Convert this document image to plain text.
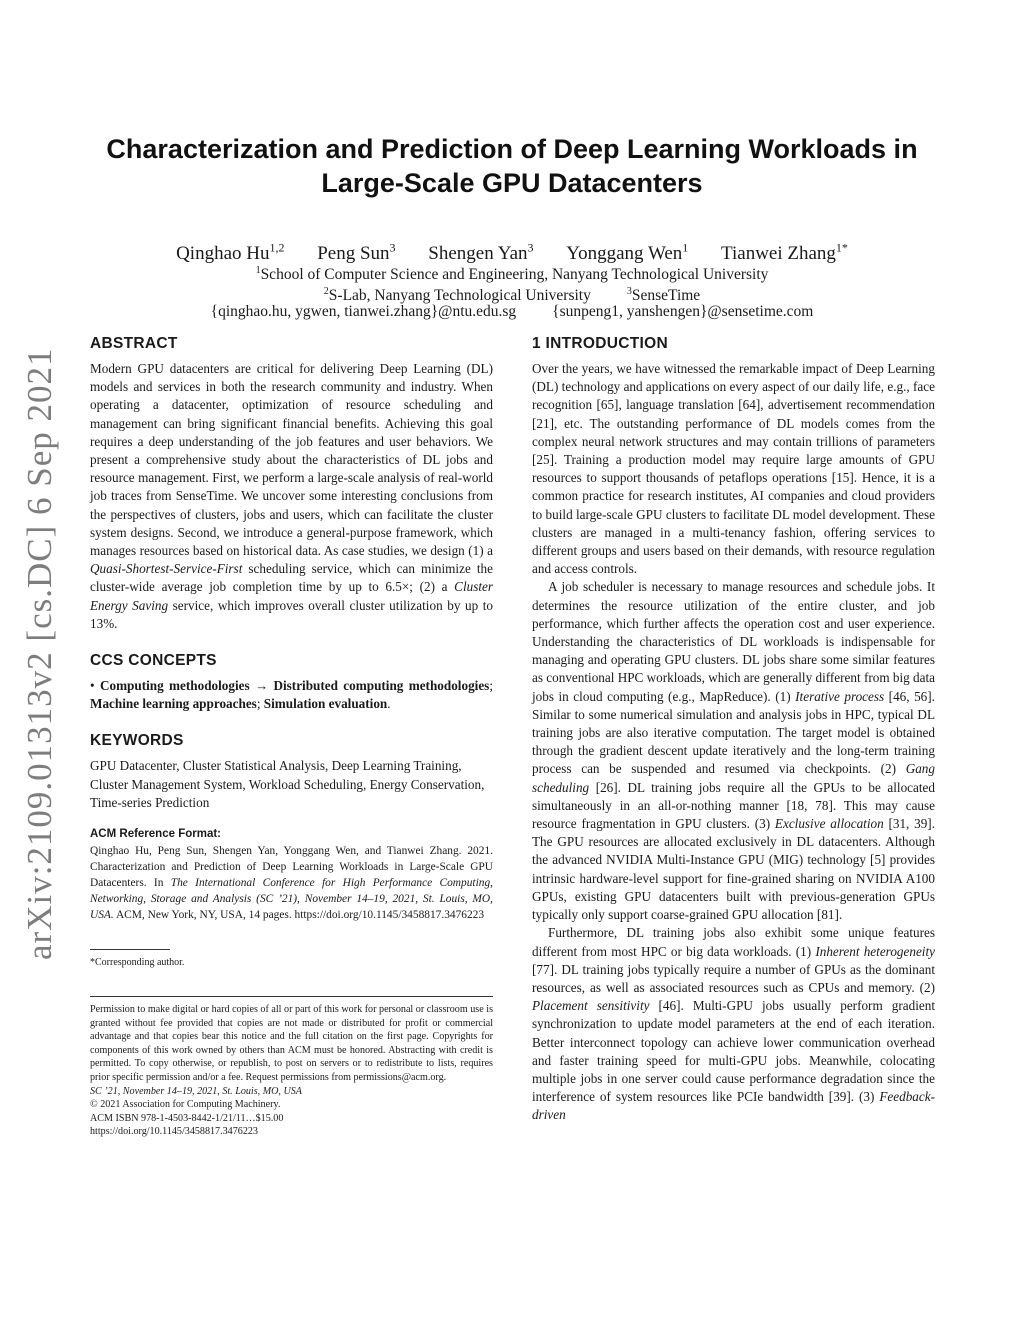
arXiv:2109.01313v2 [cs.DC] 6 Sep 2021
Characterization and Prediction of Deep Learning Workloads in
Large-Scale GPU Datacenters
Qinghao Hu$^{1,2}$ Peng Sun$^3$ Shengen Yan$^3$ Yonggang Wen$^1$ Tianwei Zhang$^{1*}$
$^1$School of Computer Science and Engineering, Nanyang Technological University
$^2$S-Lab, Nanyang Technological University	$^3$SenseTime
{qinghao.hu, ygwen, tianwei.zhang}@ntu.edu.sg {sunpeng1, yanshengen}@sensetime.com
ABSTRACT

Modern GPU datacenters are critical for delivering Deep Learning (DL) models and services in both the research community and industry. When operating a datacenter, optimization of resource scheduling and management can bring significant financial benefits. Achieving this goal requires a deep understanding of the job features and user behaviors. We present a comprehensive study about the characteristics of DL jobs and resource management. First, we perform a large-scale analysis of real-world job traces from SenseTime. We uncover some interesting conclusions from the perspectives of clusters, jobs and users, which can facilitate the cluster system designs. Second, we introduce a general-purpose framework, which manages resources based on historical data. As case studies, we design (1) a Quasi-Shortest-Service-First scheduling service, which can minimize the cluster-wide average job completion time by up to 6.5×; (2) a Cluster Energy Saving service, which improves overall cluster utilization by up to 13%.

CCS CONCEPTS
• Computing methodologies → Distributed computing methodologies; Machine learning approaches; Simulation evaluation.
KEYWORDS

GPU Datacenter, Cluster Statistical Analysis, Deep Learning Training, Cluster Management System, Workload Scheduling, Energy Conservation, Time-series Prediction

ACM Reference Format:

Qinghao Hu, Peng Sun, Shengen Yan, Yonggang Wen, and Tianwei Zhang. 2021. Characterization and Prediction of Deep Learning Workloads in Large-Scale GPU Datacenters. In The International Conference for High Performance Computing, Networking, Storage and Analysis (SC ’21), November 14–19, 2021, St. Louis, MO, USA. ACM, New York, NY, USA, 14 pages. https://doi.org/10.1145/3458817.3476223

*Corresponding author.

Permission to make digital or hard copies of all or part of this work for personal or classroom use is granted without fee provided that copies are not made or distributed for profit or commercial advantage and that copies bear this notice and the full citation on the first page. Copyrights for components of this work owned by others than ACM must be honored. Abstracting with credit is permitted. To copy otherwise, or republish, to post on servers or to redistribute to lists, requires prior specific permission and/or a fee. Request permissions from permissions@acm.org.

SC ’21, November 14–19, 2021, St. Louis, MO, USA

© 2021 Association for Computing Machinery.

ACM ISBN 978-1-4503-8442-1/21/11…$15.00

https://doi.org/10.1145/3458817.3476223

1 INTRODUCTION

Over the years, we have witnessed the remarkable impact of Deep Learning (DL) technology and applications on every aspect of our daily life, e.g., face recognition [65], language translation [64], advertisement recommendation [21], etc. The outstanding performance of DL models comes from the complex neural network structures and may contain trillions of parameters [25]. Training a production model may require large amounts of GPU resources to support thousands of petaflops operations [15]. Hence, it is a common practice for research institutes, AI companies and cloud providers to build large-scale GPU clusters to facilitate DL model development. These clusters are managed in a multi-tenancy fashion, offering services to different groups and users based on their demands, with resource regulation and access controls.

A job scheduler is necessary to manage resources and schedule jobs. It determines the resource utilization of the entire cluster, and job performance, which further affects the operation cost and user experience. Understanding the characteristics of DL workloads is indispensable for managing and operating GPU clusters. DL jobs share some similar features as conventional HPC workloads, which are generally different from big data jobs in cloud computing (e.g., MapReduce). (1) Iterative process [46, 56]. Similar to some numerical simulation and analysis jobs in HPC, typical DL training jobs are also iterative computation. The target model is obtained through the gradient descent update iteratively and the long-term training process can be suspended and resumed via checkpoints. (2) Gang scheduling [26]. DL training jobs require all the GPUs to be allocated simultaneously in an all-or-nothing manner [18, 78]. This may cause resource fragmentation in GPU clusters. (3) Exclusive allocation [31, 39]. The GPU resources are allocated exclusively in DL datacenters. Although the advanced NVIDIA Multi-Instance GPU (MIG) technology [5] provides intrinsic hardware-level support for fine-grained sharing on NVIDIA A100 GPUs, existing GPU datacenters built with previous-generation GPUs typically only support coarse-grained GPU allocation [81].

Furthermore, DL training jobs also exhibit some unique features different from most HPC or big data workloads. (1) Inherent heterogeneity [77]. DL training jobs typically require a number of GPUs as the dominant resources, as well as associated resources such as CPUs and memory. (2) Placement sensitivity [46]. Multi-GPU jobs usually perform gradient synchronization to update model parameters at the end of each iteration. Better interconnect topology can achieve lower communication overhead and faster training speed for multi-GPU jobs. Meanwhile, colocating multiple jobs in one server could cause performance degradation since the interference of system resources like PCIe bandwidth [39]. (3) Feedback-driven
